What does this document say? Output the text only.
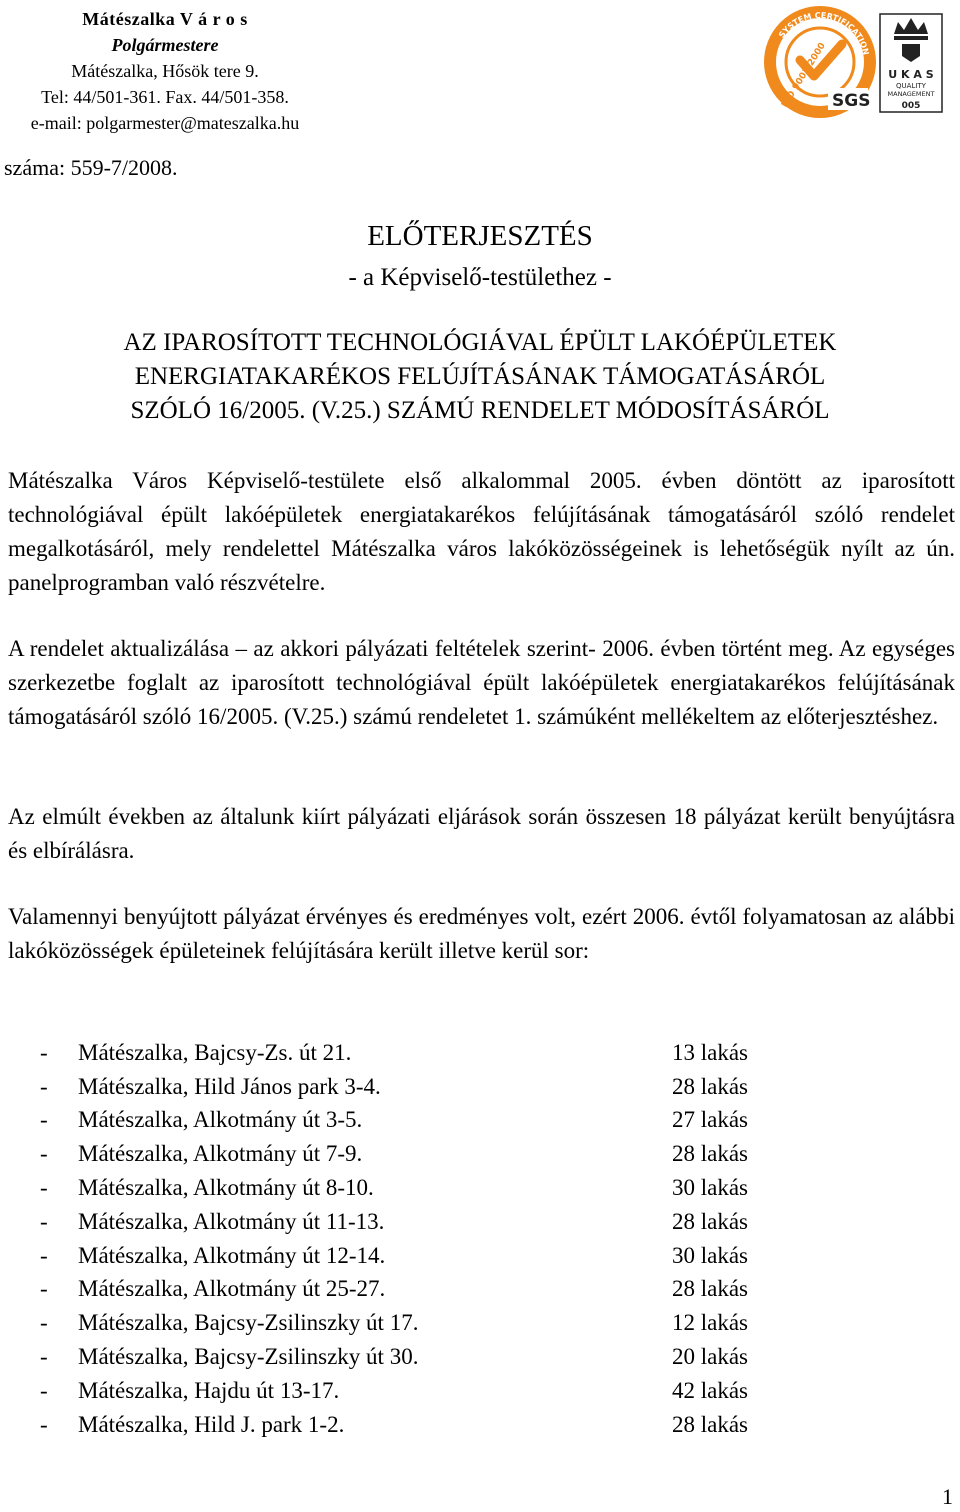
Mátészalka V á r o s
Polgármestere
Mátészalka, Hősök tere 9.
Tel: 44/501-361. Fax. 44/501-358.
e-mail: polgarmester@mateszalka.hu
száma: 559-7/2008.
SYSTEM CERTIFICATION
ISO 9001:2000 SGS
U K A S
QUALITY
MANAGEMENT
005
ELŐTERJESZTÉS
- a Képviselő-testülethez -
AZ IPAROSÍTOTT TECHNOLÓGIÁVAL ÉPÜLT LAKÓÉPÜLETEK
ENERGIATAKARÉKOS FELÚJÍTÁSÁNAK TÁMOGATÁSÁRÓL
SZÓLÓ 16/2005. (V.25.) SZÁMÚ RENDELET MÓDOSÍTÁSÁRÓL

Mátészalka Város Képviselő-testülete első alkalommal 2005. évben döntött az iparosított technológiával épült lakóépületek energiatakarékos felújításának támogatásáról szóló rendelet megalkotásáról, mely rendelettel Mátészalka város lakóközösségeinek is lehetőségük nyílt az ún. panelprogramban való részvételre.

A rendelet aktualizálása – az akkori pályázati feltételek szerint- 2006. évben történt meg. Az egységes szerkezetbe foglalt az iparosított technológiával épült lakóépületek energiatakarékos felújításának támogatásáról szóló 16/2005. (V.25.) számú rendeletet 1. számúként mellékeltem az előterjesztéshez.

Az elmúlt években az általunk kiírt pályázati eljárások során összesen 18 pályázat került benyújtásra és elbírálásra.

Valamennyi benyújtott pályázat érvényes és eredményes volt, ezért 2006. évtől folyamatosan az alábbi lakóközösségek épületeinek felújítására került illetve kerül sor:

-	Mátészalka, Bajcsy-Zs. út 21.	13 lakás
-	Mátészalka, Hild János park 3-4.	28 lakás
-	Mátészalka, Alkotmány út 3-5.	27 lakás
-	Mátészalka, Alkotmány út 7-9.	28 lakás
-	Mátészalka, Alkotmány út 8-10.	30 lakás
-	Mátészalka, Alkotmány út 11-13.	28 lakás
-	Mátészalka, Alkotmány út 12-14.	30 lakás
-	Mátészalka, Alkotmány út 25-27.	28 lakás
-	Mátészalka, Bajcsy-Zsilinszky út 17.	12 lakás
-	Mátészalka, Bajcsy-Zsilinszky út 30.	20 lakás
-	Mátészalka, Hajdu út 13-17.	42 lakás
-	Mátészalka, Hild J. park 1-2.	28 lakás
1
